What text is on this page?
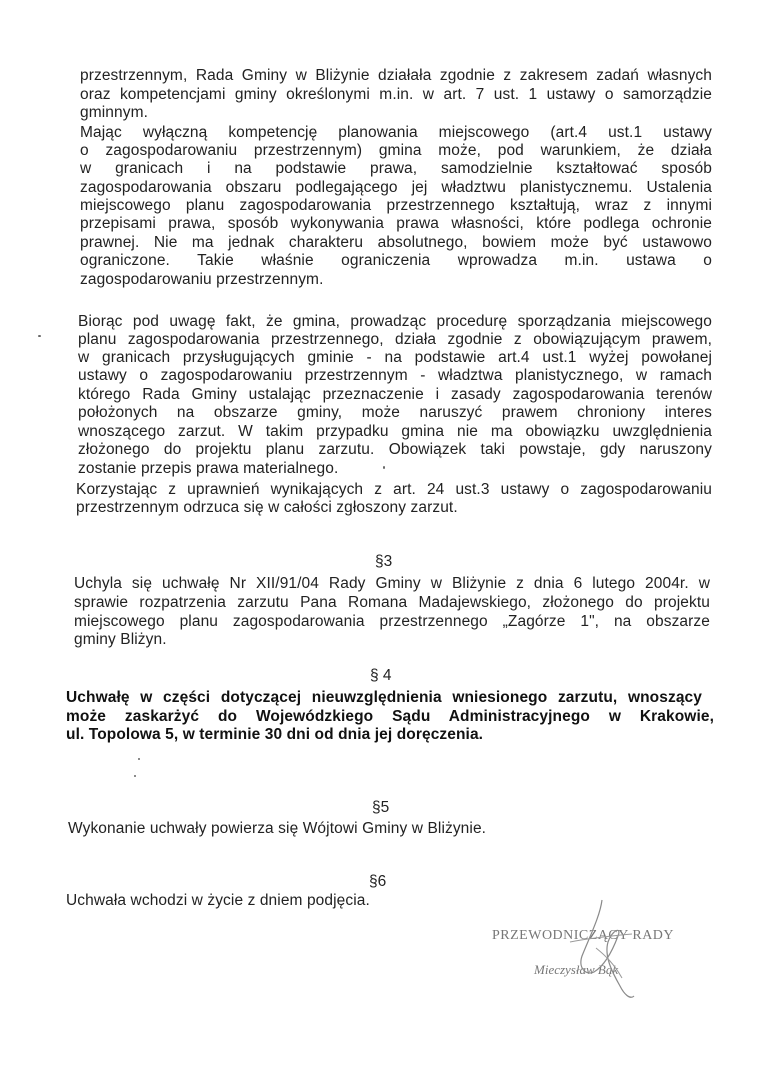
przestrzennym, Rada Gminy w Bliżynie działała zgodnie z zakresem zadań własnych
oraz kompetencjami gminy określonymi m.in. w art. 7 ust. 1 ustawy o samorządzie
gminnym.
Mając wyłączną kompetencję planowania miejscowego (art.4 ust.1 ustawy
o zagospodarowaniu przestrzennym) gmina może, pod warunkiem, że działa
w granicach i na podstawie prawa, samodzielnie kształtować sposób
zagospodarowania obszaru podlegającego jej władztwu planistycznemu. Ustalenia
miejscowego planu zagospodarowania przestrzennego kształtują, wraz z innymi
przepisami prawa, sposób wykonywania prawa własności, które podlega ochronie
prawnej. Nie ma jednak charakteru absolutnego, bowiem może być ustawowo
ograniczone. Takie właśnie ograniczenia wprowadza m.in. ustawa o
zagospodarowaniu przestrzennym.
Biorąc pod uwagę fakt, że gmina, prowadząc procedurę sporządzania miejscowego
planu zagospodarowania przestrzennego, działa zgodnie z obowiązującym prawem,
w granicach przysługujących gminie - na podstawie art.4 ust.1 wyżej powołanej
ustawy o zagospodarowaniu przestrzennym - władztwa planistycznego, w ramach
którego Rada Gminy ustalając przeznaczenie i zasady zagospodarowania terenów
położonych na obszarze gminy, może naruszyć prawem chroniony interes
wnoszącego zarzut. W takim przypadku gmina nie ma obowiązku uwzględnienia
złożonego do projektu planu zarzutu. Obowiązek taki powstaje, gdy naruszony
zostanie przepis prawa materialnego.
Korzystając z uprawnień wynikających z art. 24 ust.3 ustawy o zagospodarowaniu
przestrzennym odrzuca się w całości zgłoszony zarzut.
§3
Uchyla się uchwałę Nr XII/91/04 Rady Gminy w Bliżynie z dnia 6 lutego 2004r. w
sprawie rozpatrzenia zarzutu Pana Romana Madajewskiego, złożonego do projektu
miejscowego planu zagospodarowania przestrzennego „Zagórze 1", na obszarze
gminy Bliżyn.
§ 4
Uchwałę w części dotyczącej nieuwzględnienia wniesionego zarzutu, wnoszący
może zaskarżyć do Wojewódzkiego Sądu Administracyjnego w Krakowie,
ul. Topolowa 5, w terminie 30 dni od dnia jej doręczenia.
§5
Wykonanie uchwały powierza się Wójtowi Gminy w Bliżynie.
§6
Uchwała wchodzi w życie z dniem podjęcia.
PRZEWODNICZĄCY RADY
Mieczysław Bąk
